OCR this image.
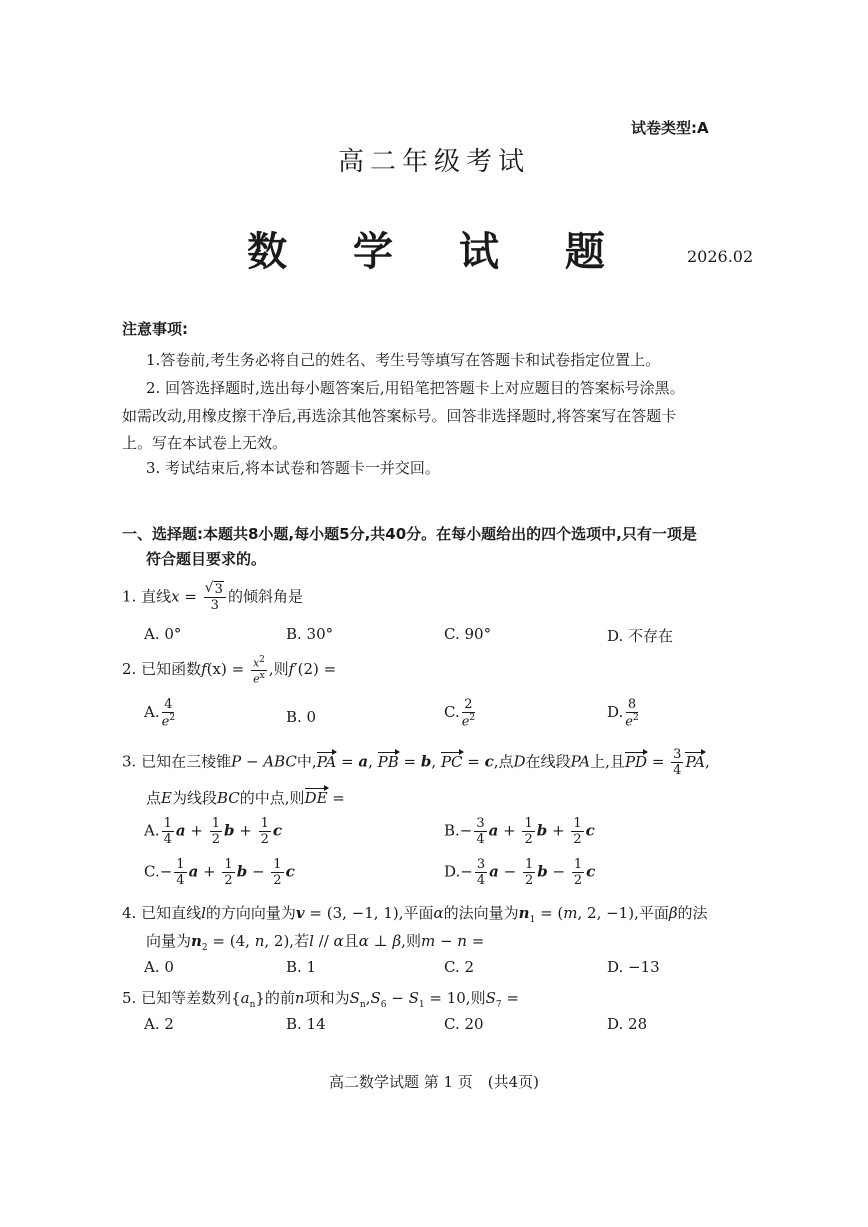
试卷类型:A
高二年级考试
数 学 试 题	2026.02
注意事项:
1.答卷前,考生务必将自己的姓名、考生号等填写在答题卡和试卷指定位置上。
2. 回答选择题时,选出每小题答案后,用铅笔把答题卡上对应题目的答案标号涂黑。
如需改动,用橡皮擦干净后,再选涂其他答案标号。回答非选择题时,将答案写在答题卡
上。写在本试卷上无效。
3. 考试结束后,将本试卷和答题卡一并交回。
一、选择题:本题共8小题,每小题5分,共40分。在每小题给出的四个选项中,只有一项是
符合题目要求的。
1. 直线x =
√ $\frac{3}{3}$ 的倾斜角是
A. 0°	B. 30°	C. 90°	D. 不存在
2. 已知函数$f(x) = \frac{x^2}{e^x}$ ,则f′(2) =
A. $\frac{4}{e^2}$	B. 0	C. $\frac{2}{e^2}$	D. $\frac{8}{e^2}$
3. 已知在三棱锥P − ABC中,PA = a, PB = b, PC = c,点D在线段PA上,且PD = $\frac{3}{4}$ PA,
点E为线段BC的中点,则DE =
A. $\frac{1}{4}$ $a + \frac{1}{2}$ $b + \frac{1}{2}$ c	$B.- \frac{3}{4}$ $a + \frac{1}{2}$ $b + \frac{1}{2}$ c
$C.- \frac{1}{4}$ $a + \frac{1}{2}$ $b - \frac{1}{2}$ c	$D.- \frac{3}{4}$ $a - \frac{1}{2}$ $b - \frac{1}{2}$ c
4. 已知直线l的方向向量为v = (3, −1, 1),平面α的法向量为$n_1 = (m$, 2, −1),平面β的法
向量为$n_2 = (4$, n, 2),若l // α且α ⊥ β,则m − n =
A. 0	B. 1	C. 2	D. −13
5. 已知等差数列$\{a_n\}$的前n项和为$S_n,S_6 - S_1 = 10$,则$S_7$ =
A. 2	B. 14	C. 20	D. 28
高二数学试题 第 1 页　(共4页)
